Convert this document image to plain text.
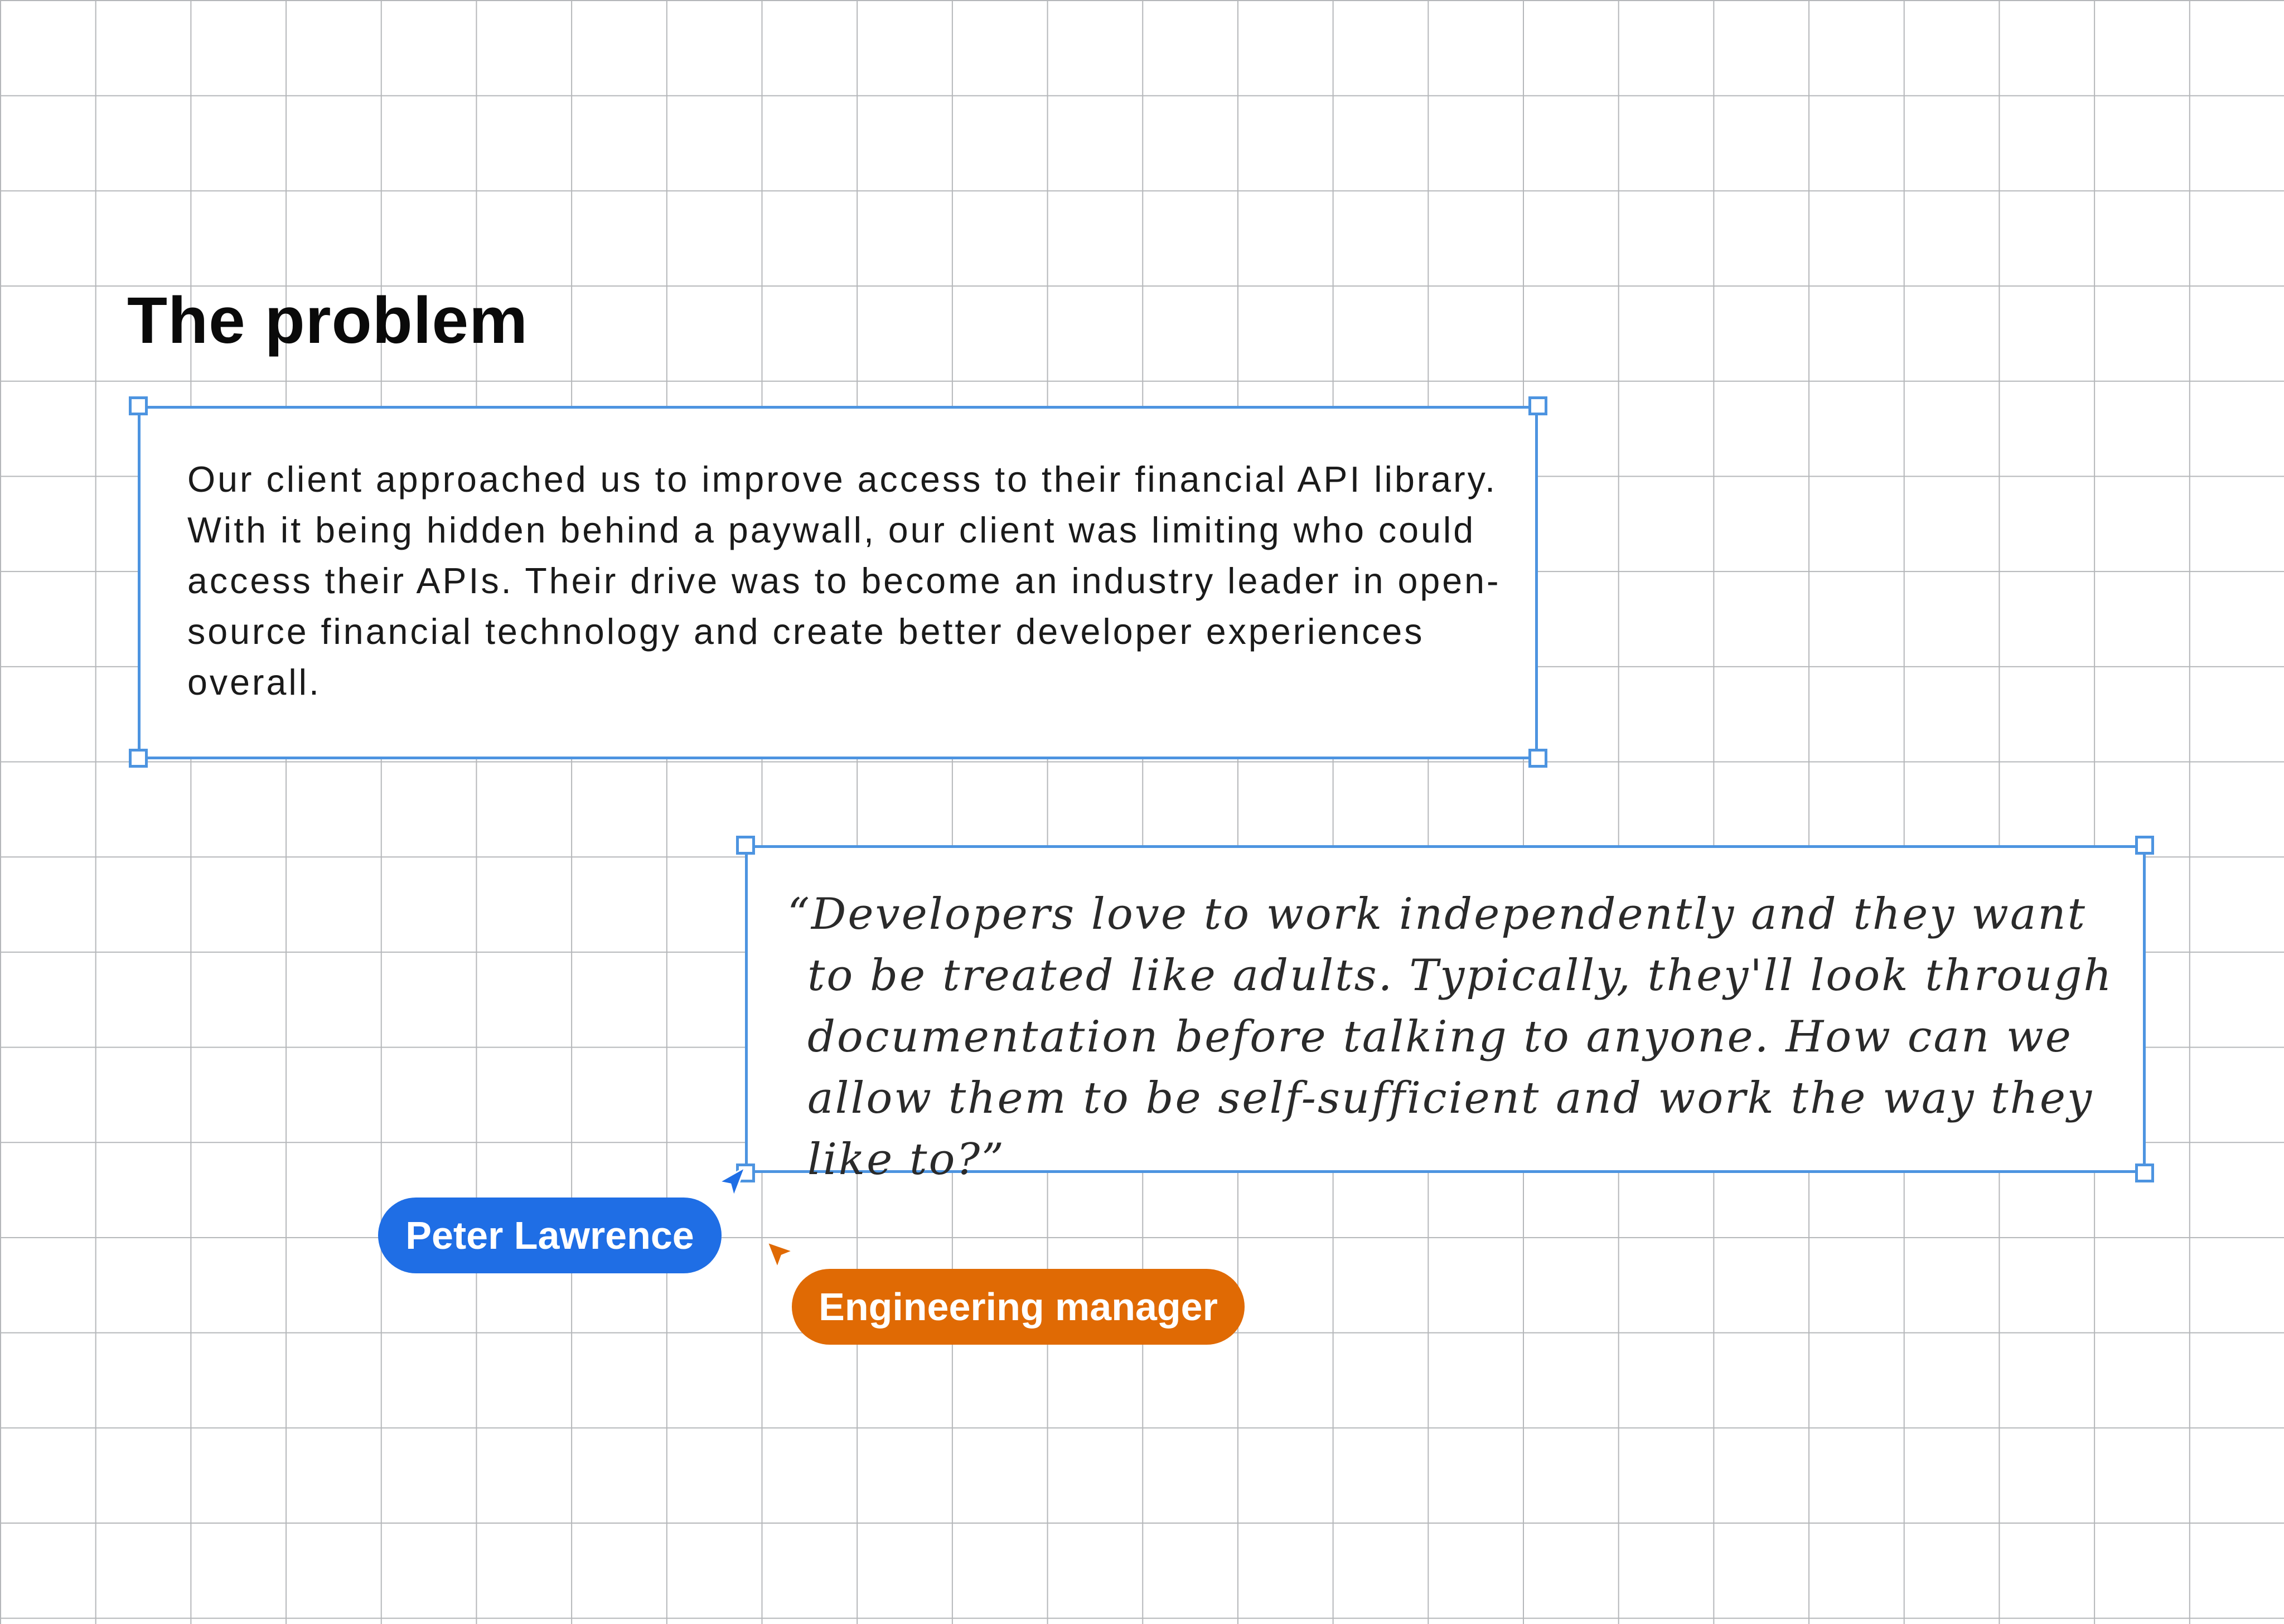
The problem

Our client approached us to improve access to their financial API library. With it being hidden behind a paywall, our client was limiting who could access their APIs. Their drive was to become an industry leader in open-source financial technology and create better developer experiences overall.

“Developers love to work independently and they want to be treated like adults. Typically, they'll look through documentation before talking to anyone. How can we allow them to be self-sufficient and work the way they like to?”

Peter Lawrence
Engineering manager
